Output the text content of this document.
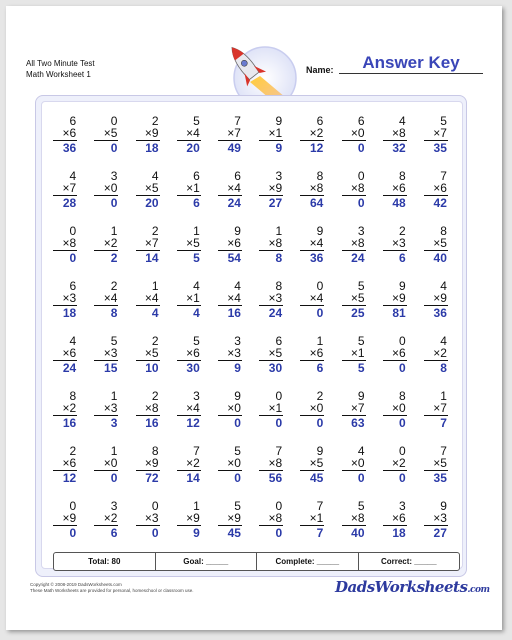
All Two Minute Test
Math Worksheet 1	Name:	Answer Key
6
×6
36
0
×5
0
2
×9
18
5
×4
20
7
×7
49
9
×1
9
6
×2
12
6
×0
0
4
×8
32
5
×7
35
4
×7
28
3
×0
0
4
×5
20
6
×1
6
6
×4
24
3
×9
27
8
×8
64
0
×8
0
8
×6
48
7
×6
42
0
×8
0
1
×2
2
2
×7
14
1
×5
5
9
×6
54
1
×8
8
9
×4
36
3
×8
24
2
×3
6
8
×5
40
6
×3
18
2
×4
8
1
×4
4
4
×1
4
4
×4
16
8
×3
24
0
×4
0
5
×5
25
9
×9
81
4
×9
36
4
×6
24
5
×3
15
2
×5
10
5
×6
30
3
×3
9
6
×5
30
1
×6
6
5
×1
5
0
×6
0
4
×2
8
8
×2
16
1
×3
3
2
×8
16
3
×4
12
9
×0
0
0
×1
0
2
×0
0
9
×7
63
8
×0
0
1
×7
7
2
×6
12
1
×0
0
8
×9
72
7
×2
14
5
×0
0
7
×8
56
9
×5
45
4
×0
0
0
×2
0
7
×5
35
0
×9
0
3
×2
6
0
×3
0
1
×9
9
5
×9
45
0
×8
0
7
×1
7
5
×8
40
3
×6
18
9
×3
27
Total: 80	Goal: _____	Complete: _____	Correct: _____
Copyright © 2008-2019 DadsWorksheets.com
These Math Worksheets are provided for personal, homeschool or classroom use.	DadsWorksheets.com
